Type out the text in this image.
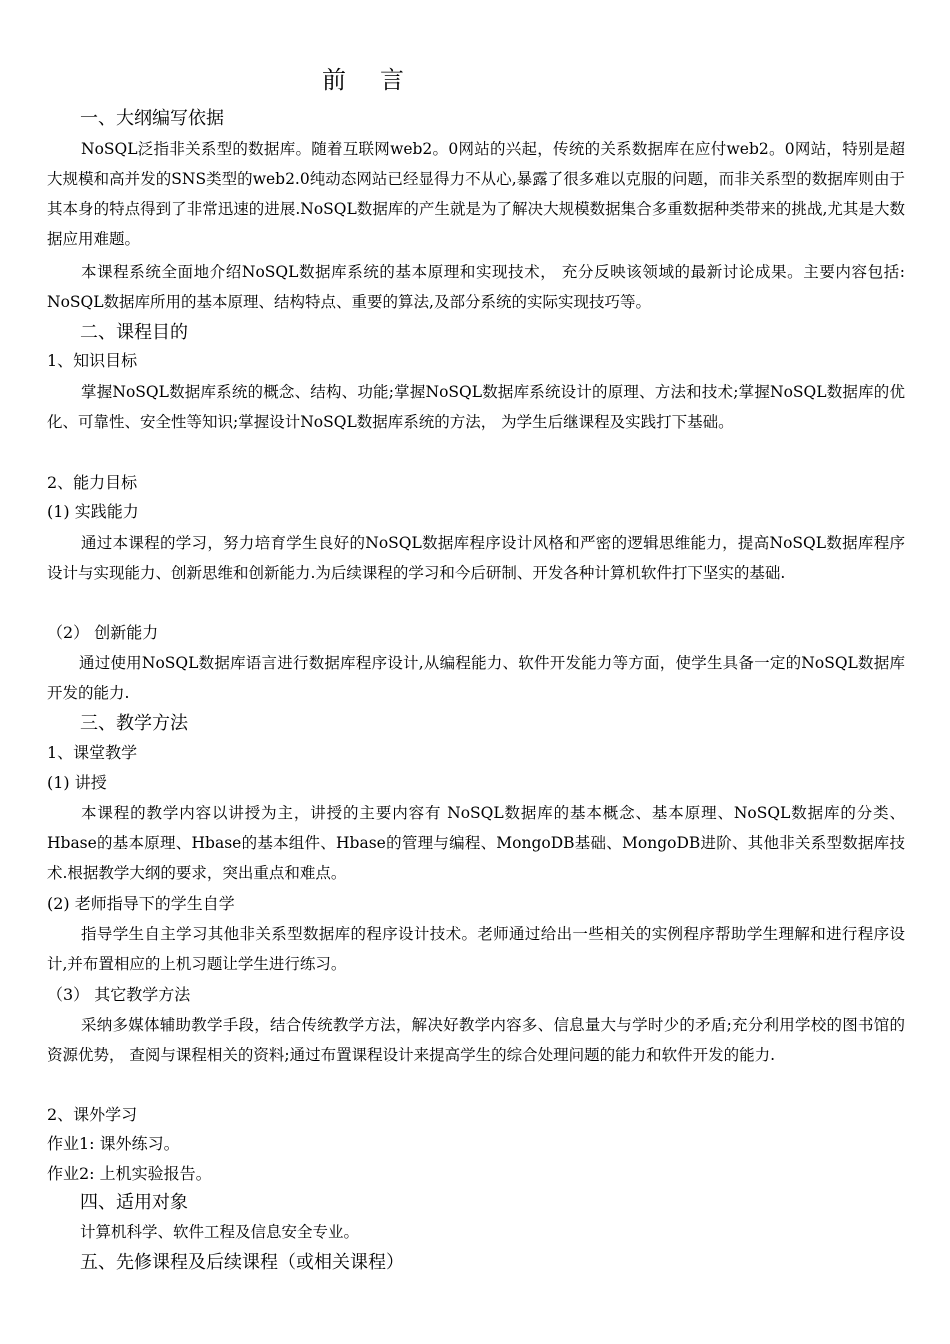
前言
一、大纲编写依据

NoSQL泛指非关系型的数据库。随着互联网web2。0网站的兴起，传统的关系数据库在应付web2。0网站，特别是超大规模和高并发的SNS类型的web2.0纯动态网站已经显得力不从心,暴露了很多难以克服的问题，而非关系型的数据库则由于其本身的特点得到了非常迅速的进展.NoSQL数据库的产生就是为了解决大规模数据集合多重数据种类带来的挑战,尤其是大数据应用难题。

本课程系统全面地介绍NoSQL数据库系统的基本原理和实现技术， 充分反映该领域的最新讨论成果。主要内容包括: NoSQL数据库所用的基本原理、结构特点、重要的算法,及部分系统的实际实现技巧等。

二、课程目的
1、知识目标

掌握NoSQL数据库系统的概念、结构、功能;掌握NoSQL数据库系统设计的原理、方法和技术;掌握NoSQL数据库的优化、可靠性、安全性等知识;掌握设计NoSQL数据库系统的方法， 为学生后继课程及实践打下基础。

2、能力目标
(1) 实践能力

通过本课程的学习，努力培育学生良好的NoSQL数据库程序设计风格和严密的逻辑思维能力，提高NoSQL数据库程序设计与实现能力、创新思维和创新能力.为后续课程的学习和今后研制、开发各种计算机软件打下坚实的基础.

（2） 创新能力

通过使用NoSQL数据库语言进行数据库程序设计,从编程能力、软件开发能力等方面，使学生具备一定的NoSQL数据库开发的能力.

三、教学方法
1、课堂教学
(1) 讲授

本课程的教学内容以讲授为主，讲授的主要内容有 NoSQL数据库的基本概念、基本原理、NoSQL数据库的分类、Hbase的基本原理、Hbase的基本组件、Hbase的管理与编程、MongoDB基础、MongoDB进阶、其他非关系型数据库技术.根据教学大纲的要求，突出重点和难点。

(2) 老师指导下的学生自学

指导学生自主学习其他非关系型数据库的程序设计技术。老师通过给出一些相关的实例程序帮助学生理解和进行程序设计,并布置相应的上机习题让学生进行练习。

（3） 其它教学方法

采纳多媒体辅助教学手段，结合传统教学方法，解决好教学内容多、信息量大与学时少的矛盾;充分利用学校的图书馆的资源优势， 查阅与课程相关的资料;通过布置课程设计来提高学生的综合处理问题的能力和软件开发的能力.

2、课外学习
作业1: 课外练习。
作业2: 上机实验报告。
四、适用对象

计算机科学、软件工程及信息安全专业。

五、先修课程及后续课程（或相关课程）
